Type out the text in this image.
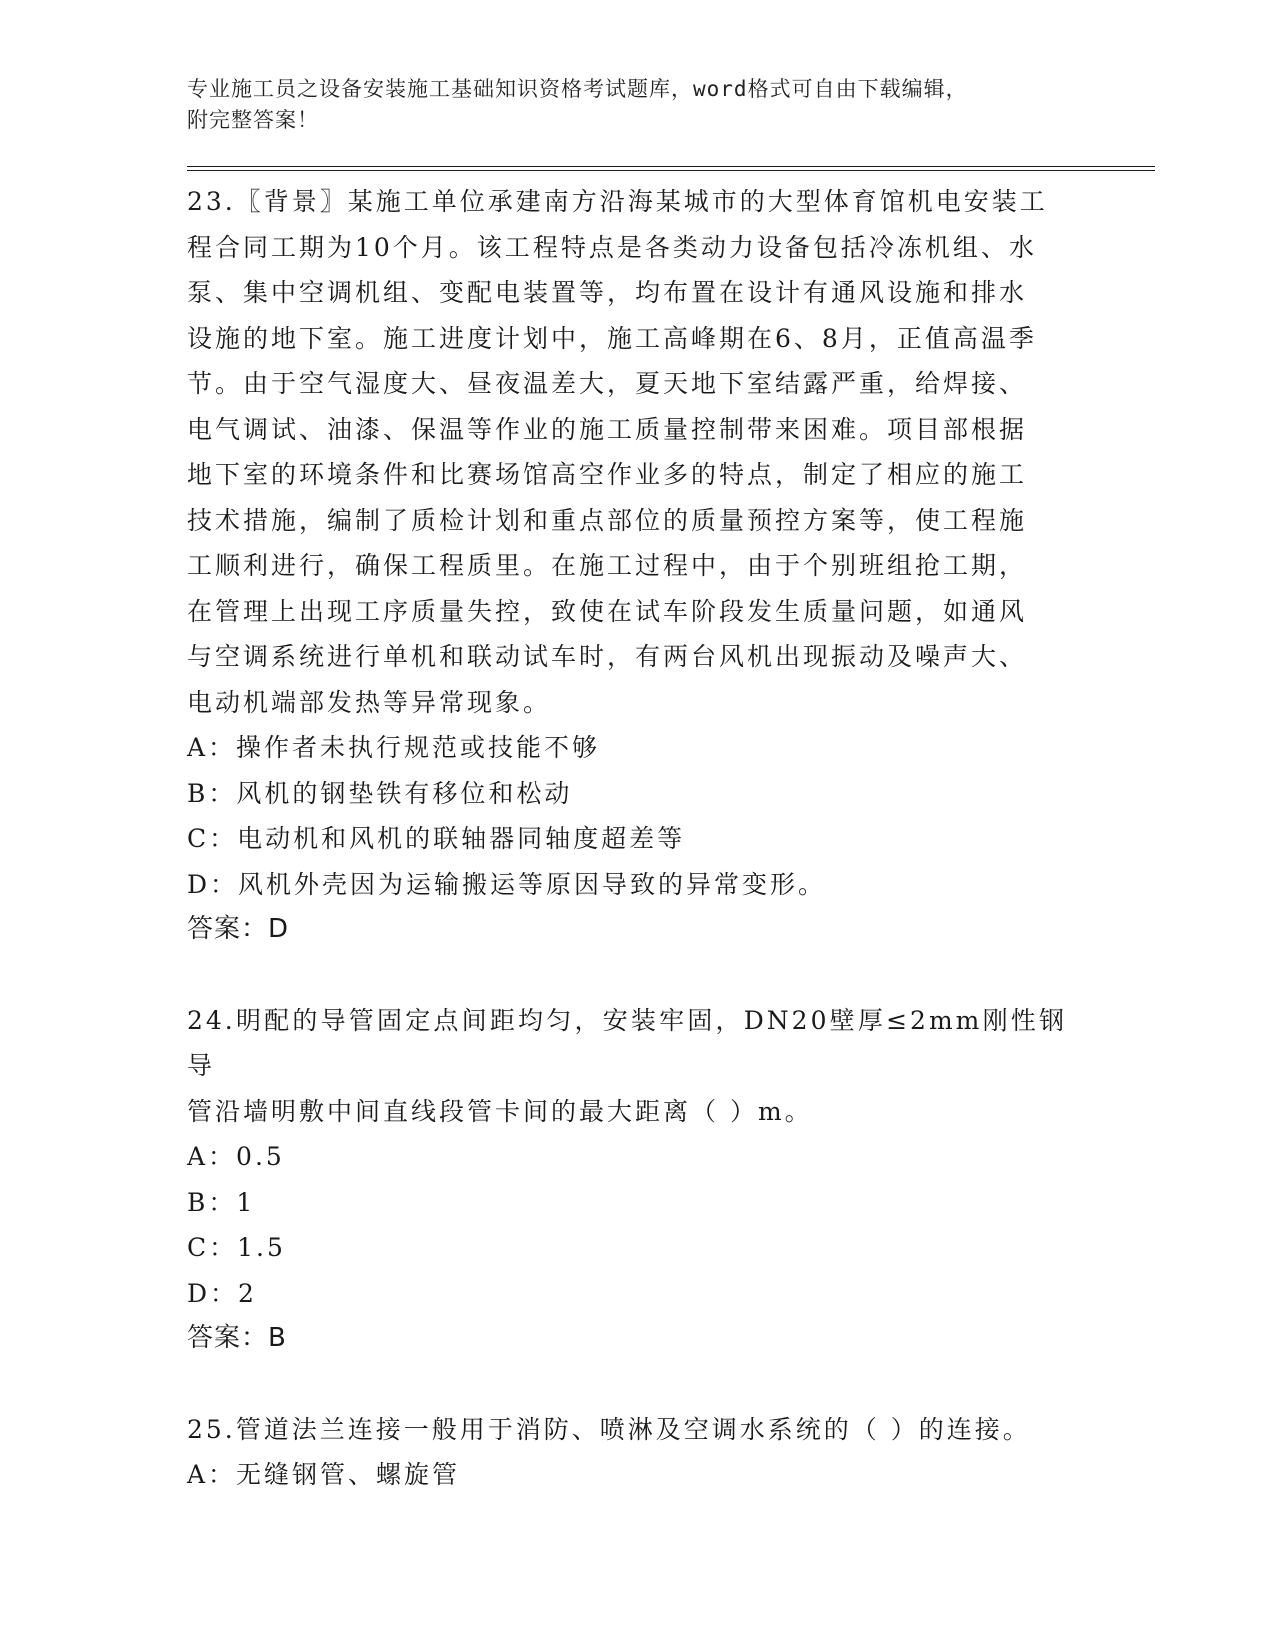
专业施工员之设备安装施工基础知识资格考试题库，word格式可自由下载编辑，
附完整答案！

23.〖背景〗某施工单位承建南方沿海某城市的大型体育馆机电安装工

程合同工期为10个月。该工程特点是各类动力设备包括冷冻机组、水

泵、集中空调机组、变配电装置等，均布置在设计有通风设施和排水

设施的地下室。施工进度计划中，施工高峰期在6、8月，正值高温季

节。由于空气湿度大、昼夜温差大，夏天地下室结露严重，给焊接、

电气调试、油漆、保温等作业的施工质量控制带来困难。项目部根据

地下室的环境条件和比赛场馆高空作业多的特点，制定了相应的施工

技术措施，编制了质检计划和重点部位的质量预控方案等，使工程施

工顺利进行，确保工程质里。在施工过程中，由于个别班组抢工期，

在管理上出现工序质量失控，致使在试车阶段发生质量问题，如通风

与空调系统进行单机和联动试车时，有两台风机出现振动及噪声大、

电动机端部发热等异常现象。

A：操作者未执行规范或技能不够

B：风机的钢垫铁有移位和松动

C：电动机和风机的联轴器同轴度超差等

D：风机外壳因为运输搬运等原因导致的异常变形。

答案：D

24.明配的导管固定点间距均匀，安装牢固，DN20壁厚≤2mm刚性钢导

管沿墙明敷中间直线段管卡间的最大距离（ ）m。

A：0.5

B：1

C：1.5

D：2

答案：B

25.管道法兰连接一般用于消防、喷淋及空调水系统的（ ）的连接。

A：无缝钢管、螺旋管
